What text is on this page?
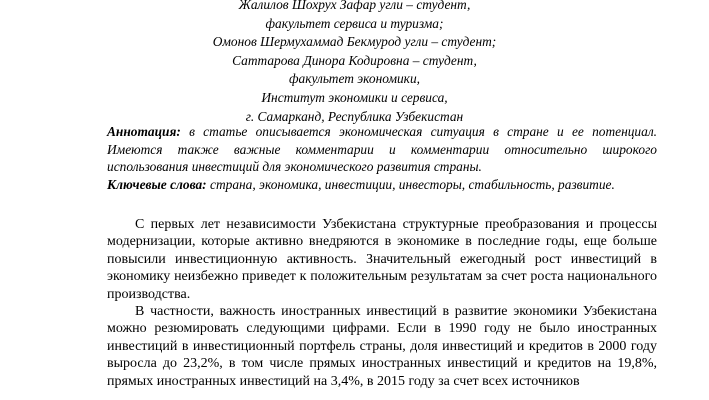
Жалилов Шохрух Зафар угли – студент,
факультет сервиса и туризма;
Омонов Шермухаммад Бекмурод угли – студент;
Саттарова Динора Кодировна – студент,
факультет экономики,
Институт экономики и сервиса,
г. Самарканд, Республика Узбекистан

Аннотация: в статье описывается экономическая ситуация в стране и ее потенциал. Имеются также важные комментарии и комментарии относительно широкого использования инвестиций для экономического развития страны.

Ключевые слова: страна, экономика, инвестиции, инвесторы, стабильность, развитие.

С первых лет независимости Узбекистана структурные преобразования и процессы модернизации, которые активно внедряются в экономике в последние годы, еще больше повысили инвестиционную активность. Значительный ежегодный рост инвестиций в экономику неизбежно приведет к положительным результатам за счет роста национального производства.

В частности, важность иностранных инвестиций в развитие экономики Узбекистана можно резюмировать следующими цифрами. Если в 1990 году не было иностранных инвестиций в инвестиционный портфель страны, доля инвестиций и кредитов в 2000 году выросла до 23,2%, в том числе прямых иностранных инвестиций и кредитов на 19,8%, прямых иностранных инвестиций на 3,4%, в 2015 году за счет всех источников
